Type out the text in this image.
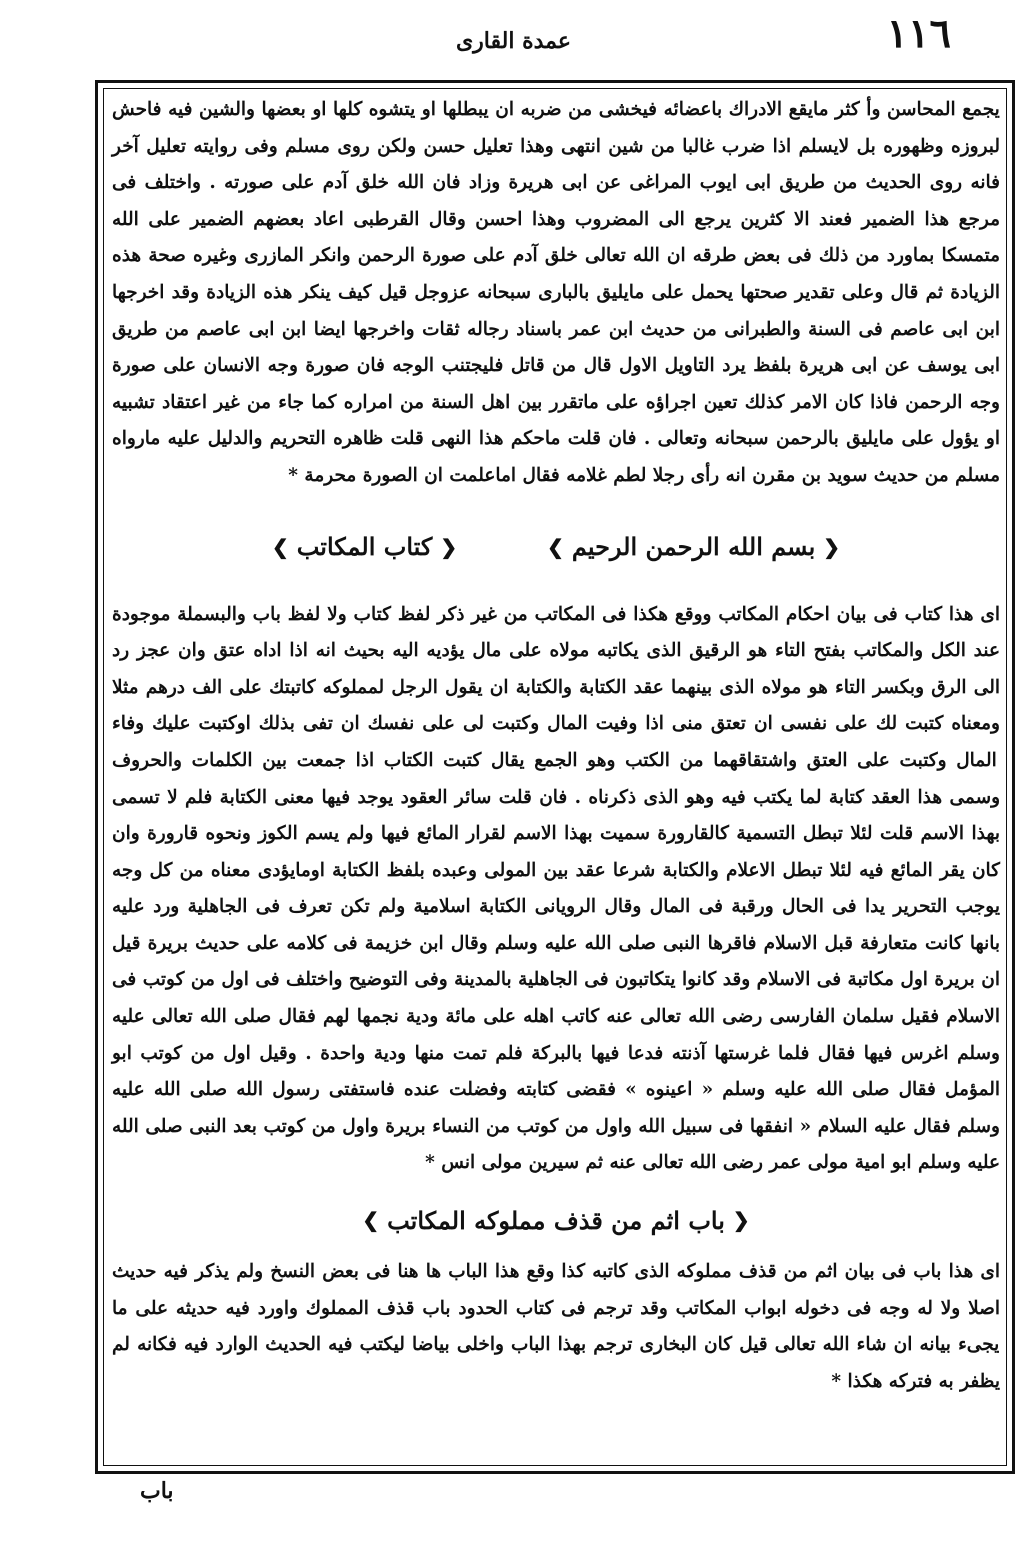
١١٦
عمدة القارى
يجمع المحاسن وأ كثر مايقع الادراك باعضائه فيخشى من ضربه ان يبطلها او يتشوه كلها او بعضها والشين فيه فاحش لبروزه وظهوره بل لايسلم اذا ضرب غالبا من شين انتهى وهذا تعليل حسن ولكن روى مسلم وفى روايته تعليل آخر فانه روى الحديث من طريق ابى ايوب المراغى عن ابى هريرة وزاد فان الله خلق آدم على صورته . واختلف فى مرجع هذا الضمير فعند الا كثرين يرجع الى المضروب وهذا احسن وقال القرطبى اعاد بعضهم الضمير على الله متمسكا بماورد من ذلك فى بعض طرقه ان الله تعالى خلق آدم على صورة الرحمن وانكر المازرى وغيره صحة هذه الزيادة ثم قال وعلى تقدير صحتها يحمل على مايليق بالبارى سبحانه عزوجل قيل كيف ينكر هذه الزيادة وقد اخرجها ابن ابى عاصم فى السنة والطبرانى من حديث ابن عمر باسناد رجاله ثقات واخرجها ايضا ابن ابى عاصم من طريق ابى يوسف عن ابى هريرة بلفظ يرد التاويل الاول قال من قاتل فليجتنب الوجه فان صورة وجه الانسان على صورة وجه الرحمن فاذا كان الامر كذلك تعين اجراؤه على ماتقرر بين اهل السنة من امراره كما جاء من غير اعتقاد تشبيه او يؤول على مايليق بالرحمن سبحانه وتعالى . فان قلت ماحكم هذا النهى قلت ظاهره التحريم والدليل عليه مارواه مسلم من حديث سويد بن مقرن انه رأى رجلا لطم غلامه فقال اماعلمت ان الصورة محرمة *
❮
بسم الله الرحمن الرحيم
❯
❮
كتاب المكاتب
❯
اى هذا كتاب فى بيان احكام المكاتب ووقع هكذا فى المكاتب من غير ذكر لفظ كتاب ولا لفظ باب والبسملة موجودة عند الكل والمكاتب بفتح التاء هو الرقيق الذى يكاتبه مولاه على مال يؤديه اليه بحيث انه اذا اداه عتق وان عجز رد الى الرق وبكسر التاء هو مولاه الذى بينهما عقد الكتابة والكتابة ان يقول الرجل لمملوكه كاتبتك على الف درهم مثلا ومعناه كتبت لك على نفسى ان تعتق منى اذا وفيت المال وكتبت لى على نفسك ان تفى بذلك اوكتبت عليك وفاء المال وكتبت على العتق واشتقاقهما من الكتب وهو الجمع يقال كتبت الكتاب اذا جمعت بين الكلمات والحروف وسمى هذا العقد كتابة لما يكتب فيه وهو الذى ذكرناه . فان قلت سائر العقود يوجد فيها معنى الكتابة فلم لا تسمى بهذا الاسم قلت لئلا تبطل التسمية كالقارورة سميت بهذا الاسم لقرار المائع فيها ولم يسم الكوز ونحوه قارورة وان كان يقر المائع فيه لئلا تبطل الاعلام والكتابة شرعا عقد بين المولى وعبده بلفظ الكتابة اومايؤدى معناه من كل وجه يوجب التحرير يدا فى الحال ورقبة فى المال وقال الرويانى الكتابة اسلامية ولم تكن تعرف فى الجاهلية ورد عليه بانها كانت متعارفة قبل الاسلام فاقرها النبى صلى الله عليه وسلم وقال ابن خزيمة فى كلامه على حديث بريرة قيل ان بريرة اول مكاتبة فى الاسلام وقد كانوا يتكاتبون فى الجاهلية بالمدينة وفى التوضيح واختلف فى اول من كوتب فى الاسلام فقيل سلمان الفارسى رضى الله تعالى عنه كاتب اهله على مائة ودية نجمها لهم فقال صلى الله تعالى عليه وسلم اغرس فيها فقال فلما غرستها آذنته فدعا فيها بالبركة فلم تمت منها ودية واحدة . وقيل اول من كوتب ابو المؤمل فقال صلى الله عليه وسلم « اعينوه » فقضى كتابته وفضلت عنده فاستفتى رسول الله صلى الله عليه وسلم فقال عليه السلام « انفقها فى سبيل الله واول من كوتب من النساء بريرة واول من كوتب بعد النبى صلى الله عليه وسلم ابو امية مولى عمر رضى الله تعالى عنه ثم سيرين مولى انس *
❮
باب اثم من قذف مملوكه المكاتب
❯
اى هذا باب فى بيان اثم من قذف مملوكه الذى كاتبه كذا وقع هذا الباب ها هنا فى بعض النسخ ولم يذكر فيه حديث اصلا ولا له وجه فى دخوله ابواب المكاتب وقد ترجم فى كتاب الحدود باب قذف المملوك واورد فيه حديثه على ما يجىء بيانه ان شاء الله تعالى قيل كان البخارى ترجم بهذا الباب واخلى بياضا ليكتب فيه الحديث الوارد فيه فكانه لم يظفر به فتركه هكذا *
باب
